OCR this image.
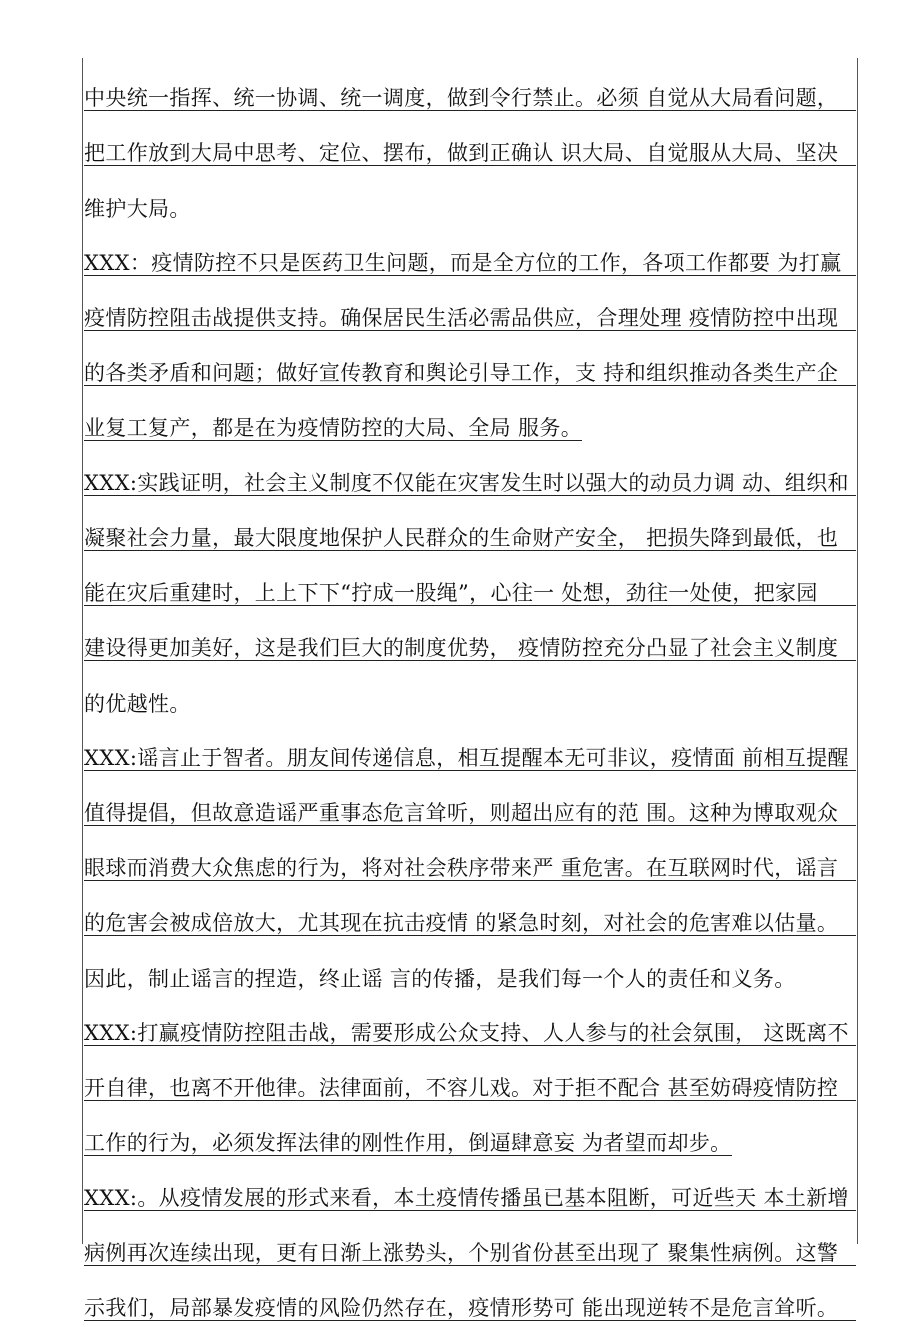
中央统一指挥、统一协调、统一调度，做到令行禁止。必须 自觉从大局看问题，
把工作放到大局中思考、定位、摆布，做到正确认 识大局、自觉服从大局、坚决
维护大局。
XXX：疫情防控不只是医药卫生问题，而是全方位的工作，各项工作都要 为打赢
疫情防控阻击战提供支持。确保居民生活必需品供应，合理处理 疫情防控中出现
的各类矛盾和问题；做好宣传教育和舆论引导工作，支 持和组织推动各类生产企
业复工复产，都是在为疫情防控的大局、全局 服务。
XXX:实践证明，社会主义制度不仅能在灾害发生时以强大的动员力调 动、组织和
凝聚社会力量，最大限度地保护人民群众的生命财产安全， 把损失降到最低，也
能在灾后重建时，上上下下“拧成一股绳”，心往一 处想，劲往一处使，把家园
建设得更加美好，这是我们巨大的制度优势， 疫情防控充分凸显了社会主义制度
的优越性。
XXX:谣言止于智者。朋友间传递信息，相互提醒本无可非议，疫情面 前相互提醒
值得提倡，但故意造谣严重事态危言耸听，则超出应有的范 围。这种为博取观众
眼球而消费大众焦虑的行为，将对社会秩序带来严 重危害。在互联网时代，谣言
的危害会被成倍放大，尤其现在抗击疫情 的紧急时刻，对社会的危害难以估量。
因此，制止谣言的捏造，终止谣 言的传播，是我们每一个人的责任和义务。
XXX:打赢疫情防控阻击战，需要形成公众支持、人人参与的社会氛围， 这既离不
开自律，也离不开他律。法律面前，不容儿戏。对于拒不配合 甚至妨碍疫情防控
工作的行为，必须发挥法律的刚性作用，倒逼肆意妄 为者望而却步。
XXX:。从疫情发展的形式来看，本土疫情传播虽已基本阻断，可近些天 本土新增
病例再次连续出现，更有日渐上涨势头，个别省份甚至出现了 聚集性病例。这警
示我们，局部暴发疫情的风险仍然存在，疫情形势可 能出现逆转不是危言耸听。
